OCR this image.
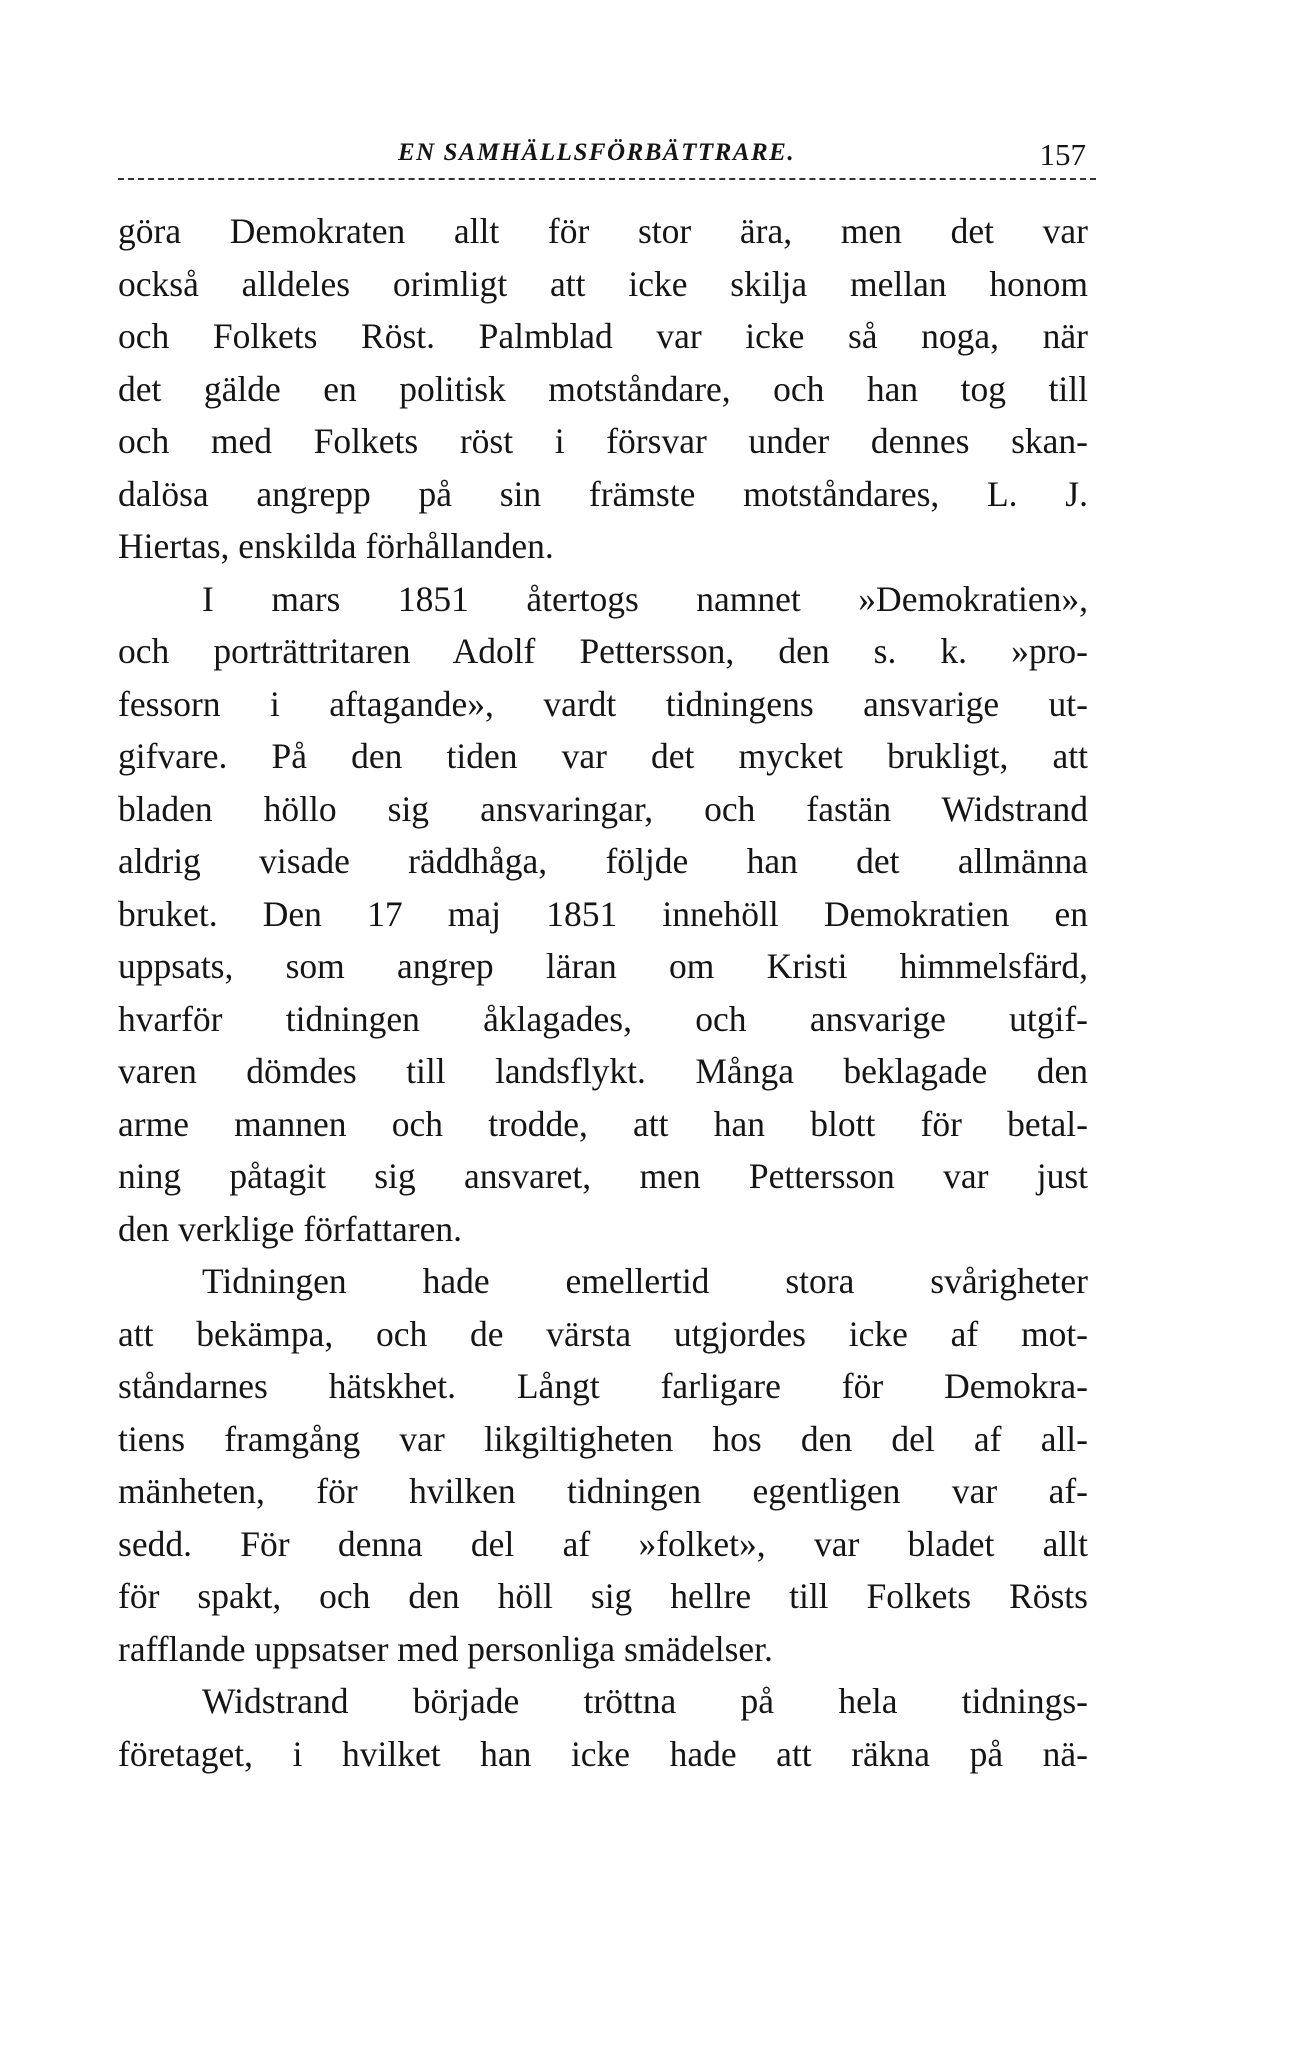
EN SAMHÄLLSFÖRBÄTTRARE.	157
göra Demokraten allt för stor ära, men det var
också alldeles orimligt att icke skilja mellan honom
och Folkets Röst. Palmblad var icke så noga, när
det gälde en politisk motståndare, och han tog till
och med Folkets röst i försvar under dennes skan-
dalösa angrepp på sin främste motståndares, L. J.
Hiertas, enskilda förhållanden.
I mars 1851 återtogs namnet »Demokratien»,
och porträttritaren Adolf Pettersson, den s. k. »pro-
fessorn i aftagande», vardt tidningens ansvarige ut-
gifvare. På den tiden var det mycket brukligt, att
bladen höllo sig ansvaringar, och fastän Widstrand
aldrig visade räddhåga, följde han det allmänna
bruket. Den 17 maj 1851 innehöll Demokratien en
uppsats, som angrep läran om Kristi himmelsfärd,
hvarför tidningen åklagades, och ansvarige utgif-
varen dömdes till landsflykt. Många beklagade den
arme mannen och trodde, att han blott för betal-
ning påtagit sig ansvaret, men Pettersson var just
den verklige författaren.
Tidningen hade emellertid stora svårigheter
att bekämpa, och de värsta utgjordes icke af mot-
ståndarnes hätskhet. Långt farligare för Demokra-
tiens framgång var likgiltigheten hos den del af all-
mänheten, för hvilken tidningen egentligen var af-
sedd. För denna del af »folket», var bladet allt
för spakt, och den höll sig hellre till Folkets Rösts
rafflande uppsatser med personliga smädelser.
Widstrand började tröttna på hela tidnings-
företaget, i hvilket han icke hade att räkna på nä-
